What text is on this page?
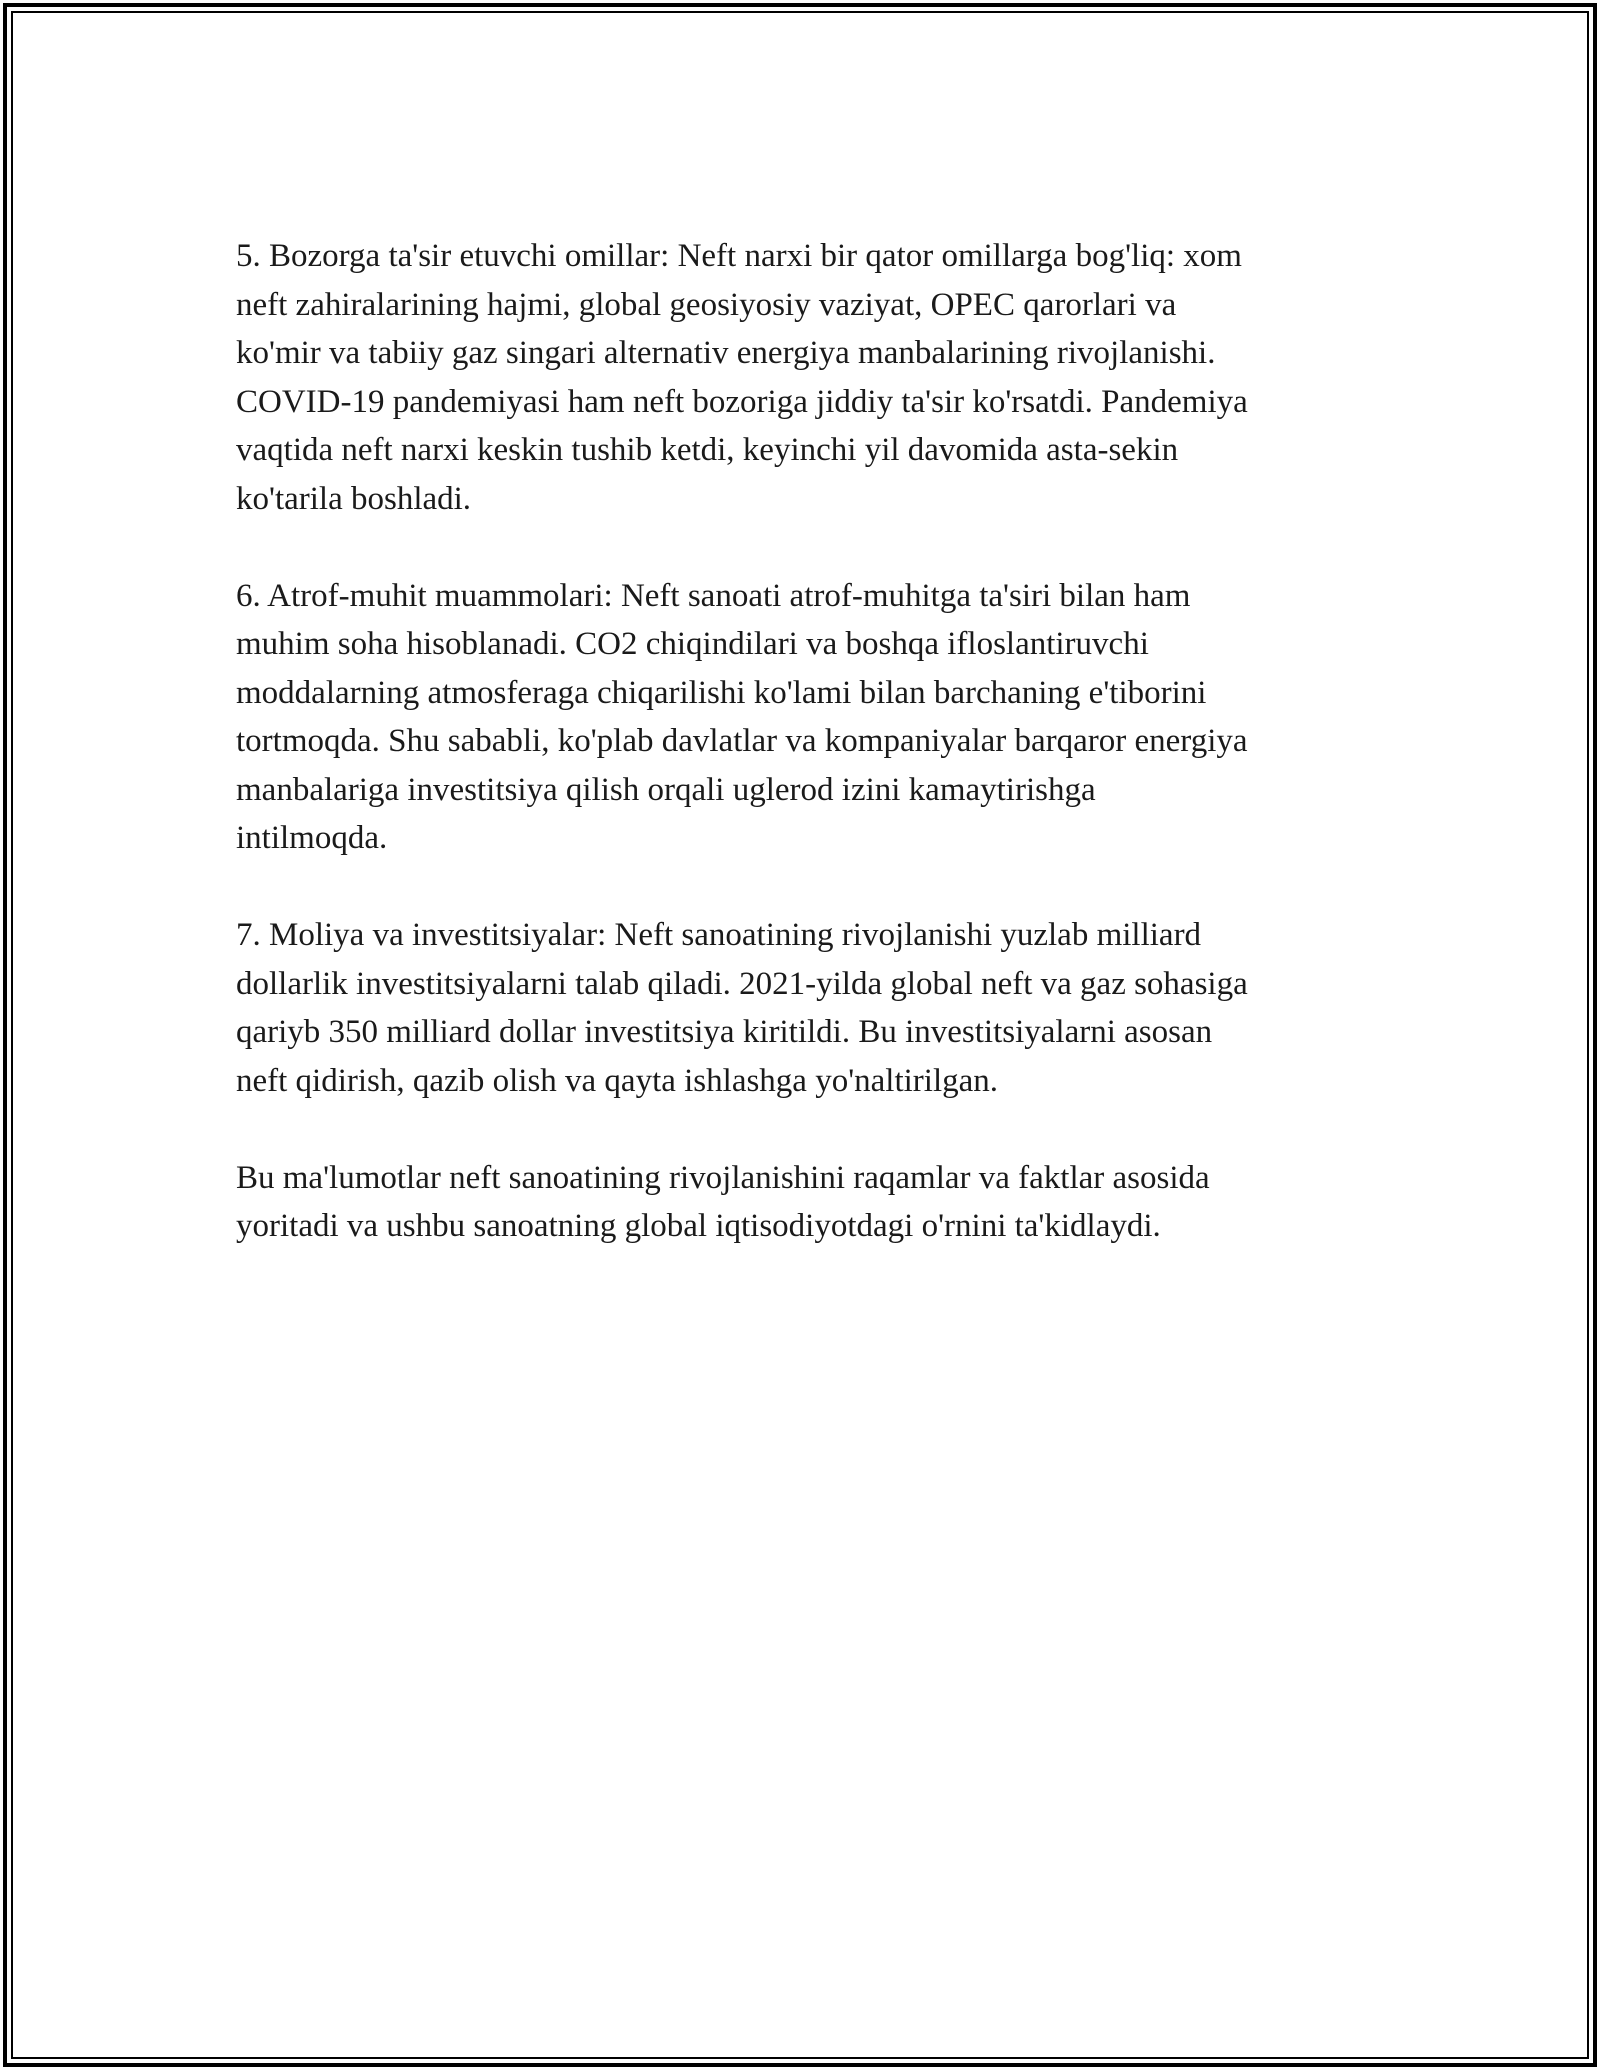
5. Bozorga ta'sir etuvchi omillar: Neft narxi bir qator omillarga bog'liq: xom
neft zahiralarining hajmi, global geosiyosiy vaziyat, OPEC qarorlari va
ko'mir va tabiiy gaz singari alternativ energiya manbalarining rivojlanishi.
COVID-19 pandemiyasi ham neft bozoriga jiddiy ta'sir ko'rsatdi. Pandemiya
vaqtida neft narxi keskin tushib ketdi, keyinchi yil davomida asta-sekin
ko'tarila boshladi.

6. Atrof-muhit muammolari: Neft sanoati atrof-muhitga ta'siri bilan ham
muhim soha hisoblanadi. CO2 chiqindilari va boshqa ifloslantiruvchi
moddalarning atmosferaga chiqarilishi ko'lami bilan barchaning e'tiborini
tortmoqda. Shu sababli, ko'plab davlatlar va kompaniyalar barqaror energiya
manbalariga investitsiya qilish orqali uglerod izini kamaytirishga
intilmoqda.

7. Moliya va investitsiyalar: Neft sanoatining rivojlanishi yuzlab milliard
dollarlik investitsiyalarni talab qiladi. 2021-yilda global neft va gaz sohasiga
qariyb 350 milliard dollar investitsiya kiritildi. Bu investitsiyalarni asosan
neft qidirish, qazib olish va qayta ishlashga yo'naltirilgan.

Bu ma'lumotlar neft sanoatining rivojlanishini raqamlar va faktlar asosida
yoritadi va ushbu sanoatning global iqtisodiyotdagi o'rnini ta'kidlaydi.
